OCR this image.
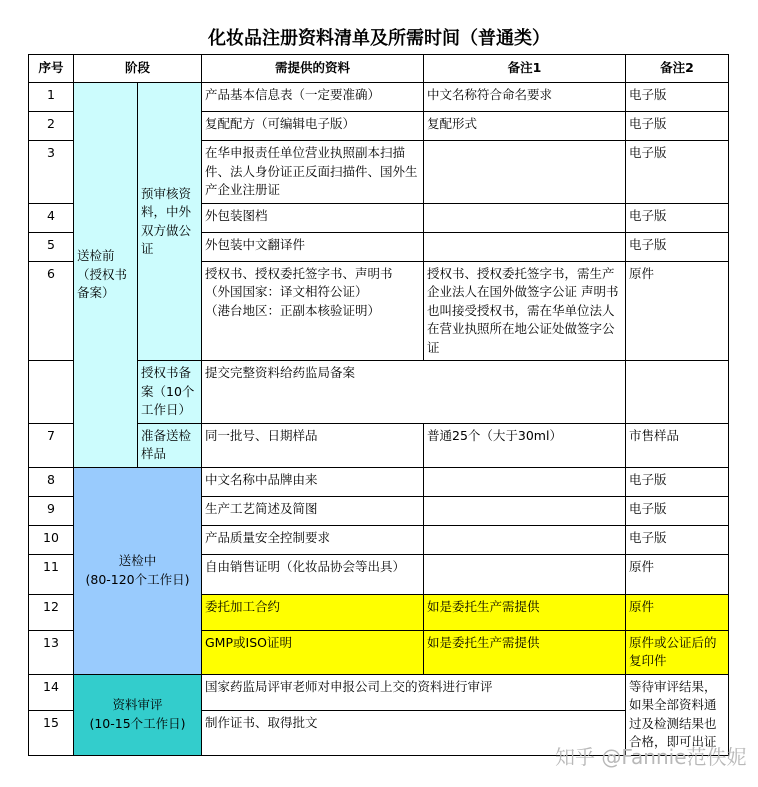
化妆品注册资料清单及所需时间（普通类）
序号	阶段		需提供的资料	备注1	备注2
1	送检前（授权书备案）	预审核资料，中外双方做公证	产品基本信息表（一定要准确）	中文名称符合命名要求	电子版
2			复配配方（可编辑电子版）	复配形式	电子版
3			在华申报责任单位营业执照副本扫描件、法人身份证正反面扫描件、国外生产企业注册证		电子版
4			外包装图档		电子版
5			外包装中文翻译件		电子版
6			授权书、授权委托签字书、声明书
（外国国家：译文相符公证）
（港台地区：正副本核验证明）	授权书、授权委托签字书，需生产企业法人在国外做签字公证 声明书也叫接受授权书，需在华单位法人在营业执照所在地公证处做签字公证	原件
		授权书备案（10个工作日）	提交完整资料给药监局备案		
7		准备送检样品	同一批号、日期样品	普通25个（大于30ml）	市售样品
8	送检中
(80-120个工作日)		中文名称中品牌由来		电子版
9			生产工艺简述及简图		电子版
10			产品质量安全控制要求		电子版
11			自由销售证明（化妆品协会等出具）		原件
12			委托加工合约	如是委托生产需提供	原件
13			GMP或ISO证明	如是委托生产需提供	原件或公证后的复印件
14	资料审评
(10-15个工作日)		国家药监局评审老师对申报公司上交的资料进行审评		等待审评结果，如果全部资料通过及检测结果也合格，即可出证
15			制作证书、取得批文		
知乎 @Fannie范佚妮
